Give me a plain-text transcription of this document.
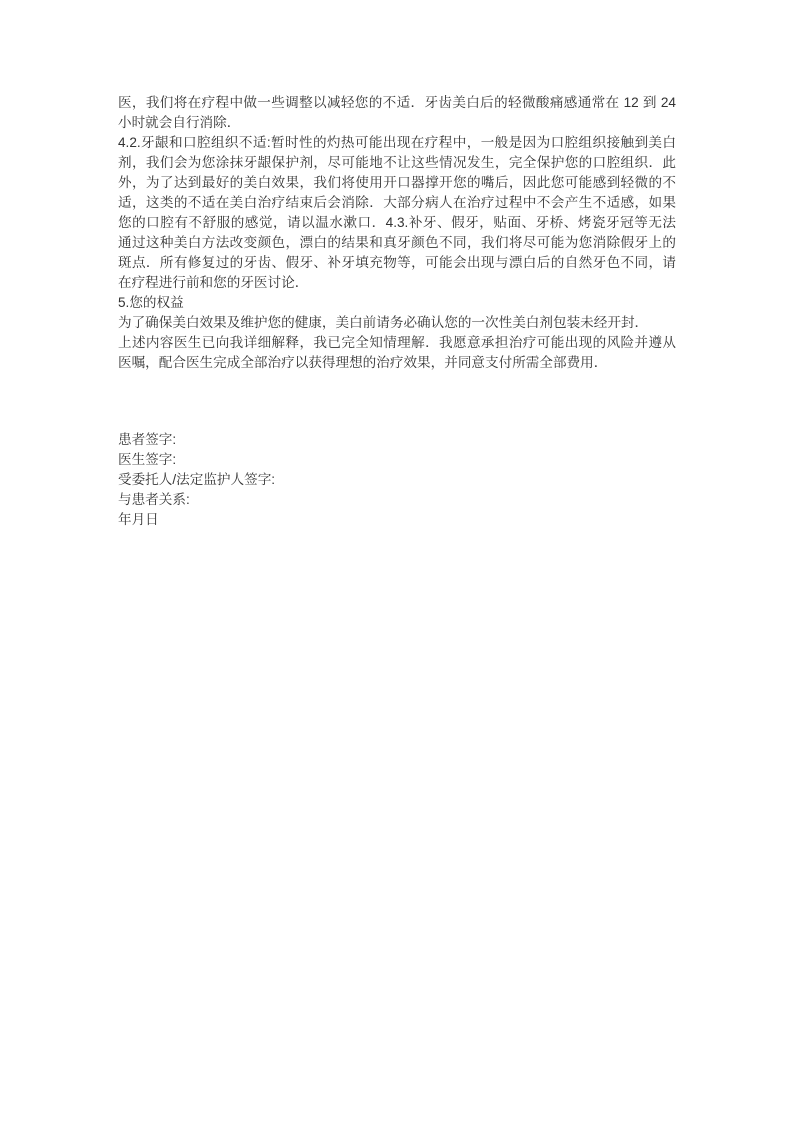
医，我们将在疗程中做一些调整以减轻您的不适．牙齿美白后的轻微酸痛感通常在 12 到 24
小时就会自行消除．
4.2.牙龈和口腔组织不适:暂时性的灼热可能出现在疗程中，一般是因为口腔组织接触到美白
剂，我们会为您涂抹牙龈保护剂，尽可能地不让这些情况发生，完全保护您的口腔组织．此
外，为了达到最好的美白效果，我们将使用开口器撑开您的嘴后，因此您可能感到轻微的不
适，这类的不适在美白治疗结束后会消除．大部分病人在治疗过程中不会产生不适感，如果
您的口腔有不舒服的感觉，请以温水漱口．4.3.补牙、假牙，贴面、牙桥、烤瓷牙冠等无法
通过这种美白方法改变颜色，漂白的结果和真牙颜色不同，我们将尽可能为您消除假牙上的
斑点．所有修复过的牙齿、假牙、补牙填充物等，可能会出现与漂白后的自然牙色不同，请
在疗程进行前和您的牙医讨论．
5.您的权益
为了确保美白效果及维护您的健康，美白前请务必确认您的一次性美白剂包装未经开封．
上述内容医生已向我详细解释，我已完全知情理解．我愿意承担治疗可能出现的风险并遵从
医嘱，配合医生完成全部治疗以获得理想的治疗效果，并同意支付所需全部费用．
患者签字:
医生签字:
受委托人/法定监护人签字:
与患者关系:
年月日
